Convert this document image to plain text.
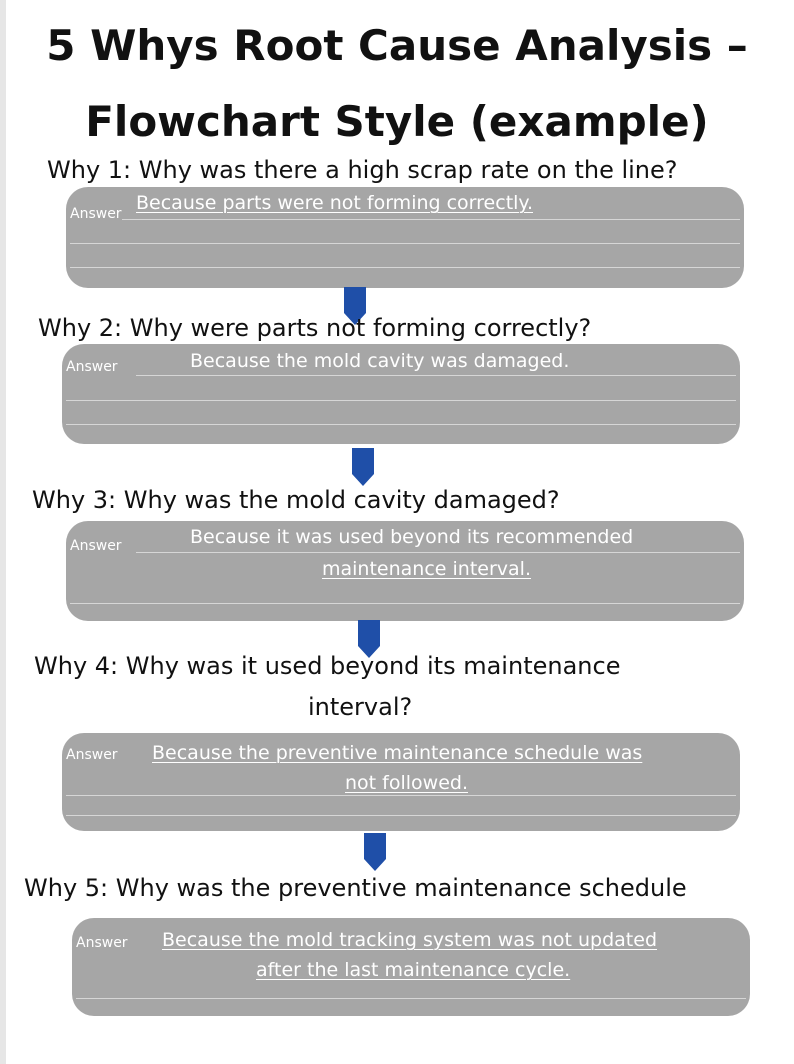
5 Whys Root Cause Analysis –
Flowchart Style (example)
Why 1: Why was there a high scrap rate on the line?
Answer Because parts were not forming correctly.
Why 2: Why were parts not forming correctly?
Answer	Because the mold cavity was damaged.
Why 3: Why was the mold cavity damaged?
Answer	Because it was used beyond its recommended
maintenance interval.
Why 4: Why was it used beyond its maintenance
interval?
Answer Because the preventive maintenance schedule was
not followed.
Why 5: Why was the preventive maintenance schedule
Answer Because the mold tracking system was not updated
after the last maintenance cycle.
